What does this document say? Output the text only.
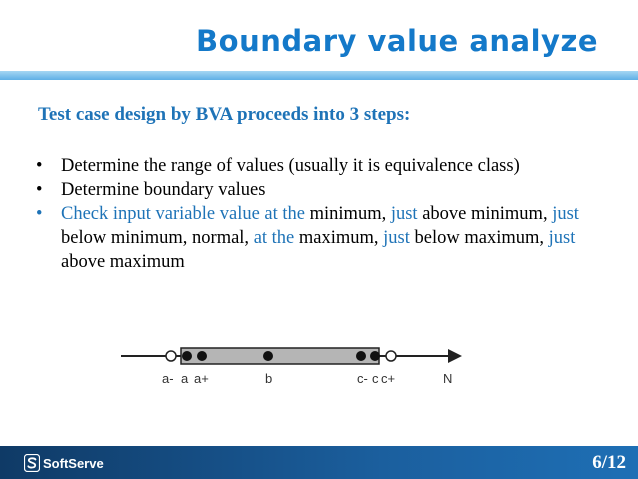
Boundary value analyze
Test case design by BVA proceeds into 3 steps:
• Determine the range of values (usually it is equivalence class)
• Determine boundary values
• Check input variable value at the minimum, just above minimum, just below minimum, normal, at the maximum, just below maximum, just above maximum
a- a a+	b	c- c c+	N
SoftServe	6/12
